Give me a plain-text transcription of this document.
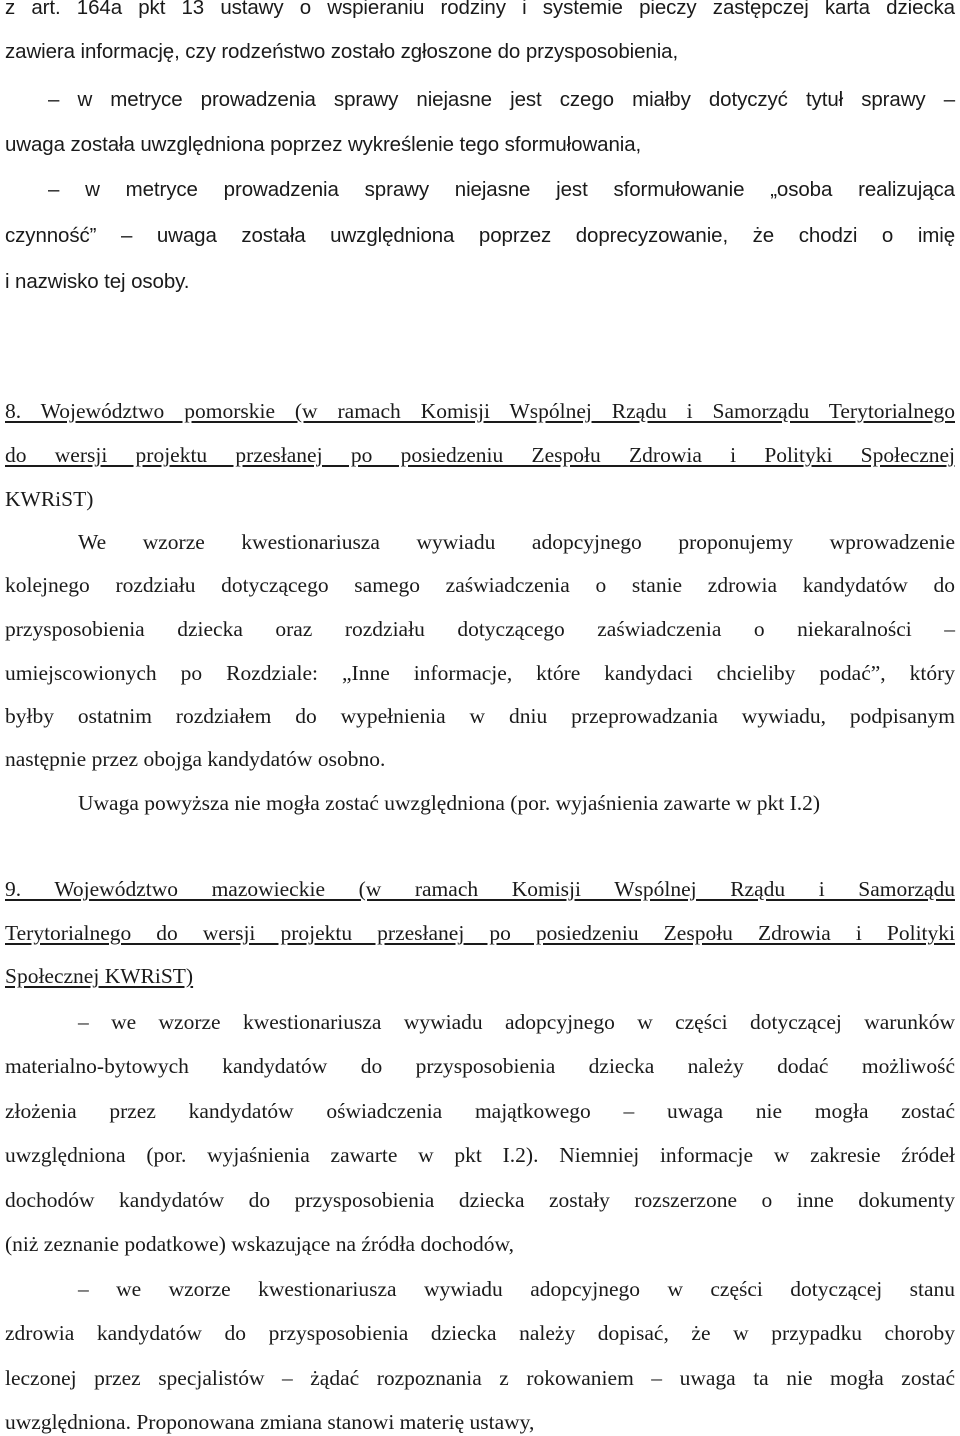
z art. 164a pkt 13 ustawy o wspieraniu rodziny i systemie pieczy zastępczej karta dziecka
zawiera informację, czy rodzeństwo zostało zgłoszone do przysposobienia,
– w metryce prowadzenia sprawy niejasne jest czego miałby dotyczyć tytuł sprawy –
uwaga została uwzględniona poprzez wykreślenie tego sformułowania,
– w metryce prowadzenia sprawy niejasne jest sformułowanie „osoba realizująca
czynność” – uwaga została uwzględniona poprzez doprecyzowanie, że chodzi o imię
i nazwisko tej osoby.
8. Województwo pomorskie (w ramach Komisji Wspólnej Rządu i Samorządu Terytorialnego
do wersji projektu przesłanej po posiedzeniu Zespołu Zdrowia i Polityki Społecznej
KWRiST)
We wzorze kwestionariusza wywiadu adopcyjnego proponujemy wprowadzenie
kolejnego rozdziału dotyczącego samego zaświadczenia o stanie zdrowia kandydatów do
przysposobienia dziecka oraz rozdziału dotyczącego zaświadczenia o niekaralności –
umiejscowionych po Rozdziale: „Inne informacje, które kandydaci chcieliby podać”, który
byłby ostatnim rozdziałem do wypełnienia w dniu przeprowadzania wywiadu, podpisanym
następnie przez obojga kandydatów osobno.
Uwaga powyższa nie mogła zostać uwzględniona (por. wyjaśnienia zawarte w pkt I.2)
9. Województwo mazowieckie (w ramach Komisji Wspólnej Rządu i Samorządu
Terytorialnego do wersji projektu przesłanej po posiedzeniu Zespołu Zdrowia i Polityki
Społecznej KWRiST)
– we wzorze kwestionariusza wywiadu adopcyjnego w części dotyczącej warunków
materialno-bytowych kandydatów do przysposobienia dziecka należy dodać możliwość
złożenia przez kandydatów oświadczenia majątkowego – uwaga nie mogła zostać
uwzględniona (por. wyjaśnienia zawarte w pkt I.2). Niemniej informacje w zakresie źródeł
dochodów kandydatów do przysposobienia dziecka zostały rozszerzone o inne dokumenty
(niż zeznanie podatkowe) wskazujące na źródła dochodów,
– we wzorze kwestionariusza wywiadu adopcyjnego w części dotyczącej stanu
zdrowia kandydatów do przysposobienia dziecka należy dopisać, że w przypadku choroby
leczonej przez specjalistów – żądać rozpoznania z rokowaniem – uwaga ta nie mogła zostać
uwzględniona. Proponowana zmiana stanowi materię ustawy,
